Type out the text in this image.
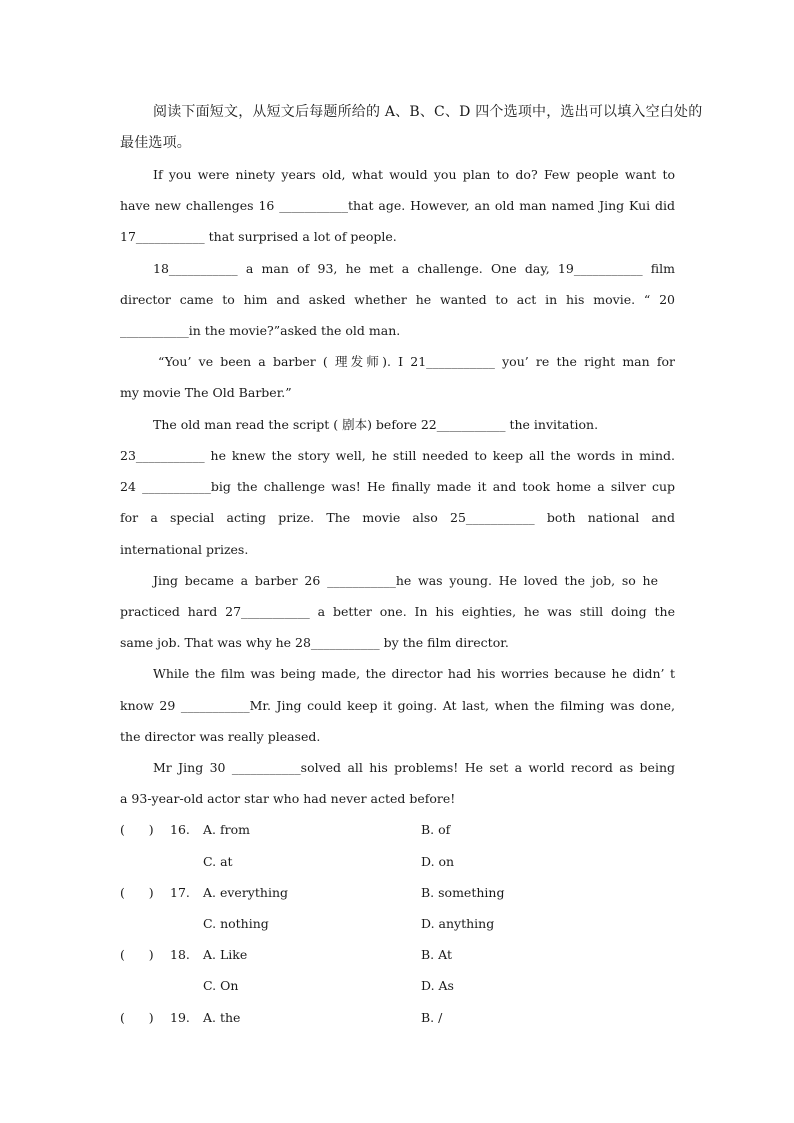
阅读下面短文，从短文后每题所给的 A、B、C、D 四个选项中，选出可以填入空白处的
最佳选项。
If you were ninety years old, what would you plan to do? Few people want to
have new challenges 16 ___________that age. However, an old man named Jing Kui did
17___________ that surprised a lot of people.
18___________ a man of 93, he met a challenge. One day, 19___________ film
director came to him and asked whether he wanted to act in his movie. “ 20
___________in the movie?”asked the old man.
“You’ ve been a barber ( 理发师). I 21___________ you’ re the right man for
my movie The Old Barber.”
The old man read the script ( 剧本) before 22___________ the invitation.
23___________ he knew the story well, he still needed to keep all the words in mind.
24 ___________big the challenge was! He finally made it and took home a silver cup
for a special acting prize. The movie also 25___________ both national and
international prizes.
Jing became a barber 26 ___________he was young. He loved the job, so he
practiced hard 27___________ a better one. In his eighties, he was still doing the
same job. That was why he 28___________ by the film director.
While the film was being made, the director had his worries because he didn’ t
know 29 ___________Mr. Jing could keep it going. At last, when the filming was done,
the director was really pleased.
Mr Jing 30 ___________solved all his problems! He set a world record as being
a 93-year-old actor star who had never acted before!
(      )	16. A. from	B. of
C. at	D. on
(      )	17. A. everything	B. something
C. nothing	D. anything
(      )	18. A. Like	B. At
C. On	D. As
(      )	19. A. the	B. /
